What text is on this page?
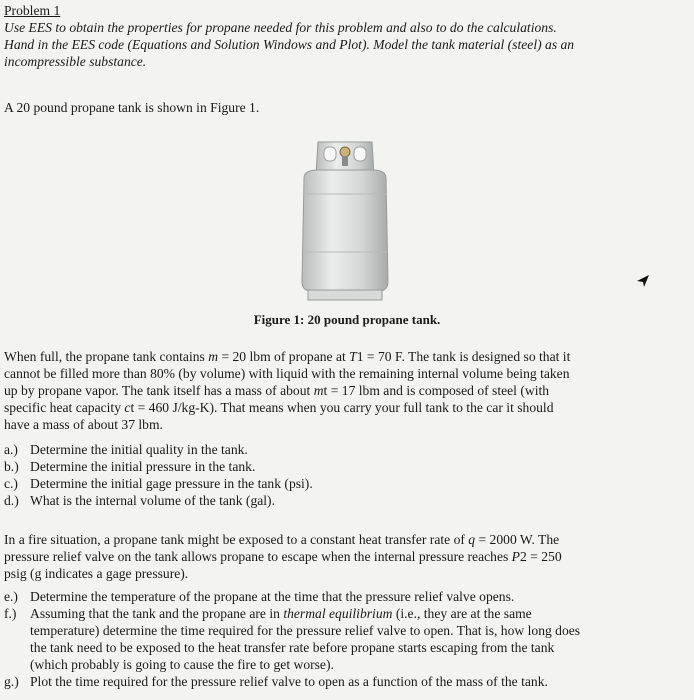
Problem 1
Use EES to obtain the properties for propane needed for this problem and also to do the calculations.
Hand in the EES code (Equations and Solution Windows and Plot). Model the tank material (steel) as an
incompressible substance.
A 20 pound propane tank is shown in Figure 1.
Figure 1: 20 pound propane tank.
When full, the propane tank contains m = 20 lbm of propane at T1 = 70 F. The tank is designed so that it
cannot be filled more than 80% (by volume) with liquid with the remaining internal volume being taken
up by propane vapor. The tank itself has a mass of about mt = 17 lbm and is composed of steel (with
specific heat capacity ct = 460 J/kg-K). That means when you carry your full tank to the car it should
have a mass of about 37 lbm.
a.) Determine the initial quality in the tank.
b.) Determine the initial pressure in the tank.
c.) Determine the initial gage pressure in the tank (psi).
d.) What is the internal volume of the tank (gal).
In a fire situation, a propane tank might be exposed to a constant heat transfer rate of q = 2000 W. The
pressure relief valve on the tank allows propane to escape when the internal pressure reaches P2 = 250
psig (g indicates a gage pressure).
e.) Determine the temperature of the propane at the time that the pressure relief valve opens.
f.) Assuming that the tank and the propane are in thermal equilibrium (i.e., they are at the same
temperature) determine the time required for the pressure relief valve to open. That is, how long does
the tank need to be exposed to the heat transfer rate before propane starts escaping from the tank
(which probably is going to cause the fire to get worse).
g.) Plot the time required for the pressure relief valve to open as a function of the mass of the tank.
